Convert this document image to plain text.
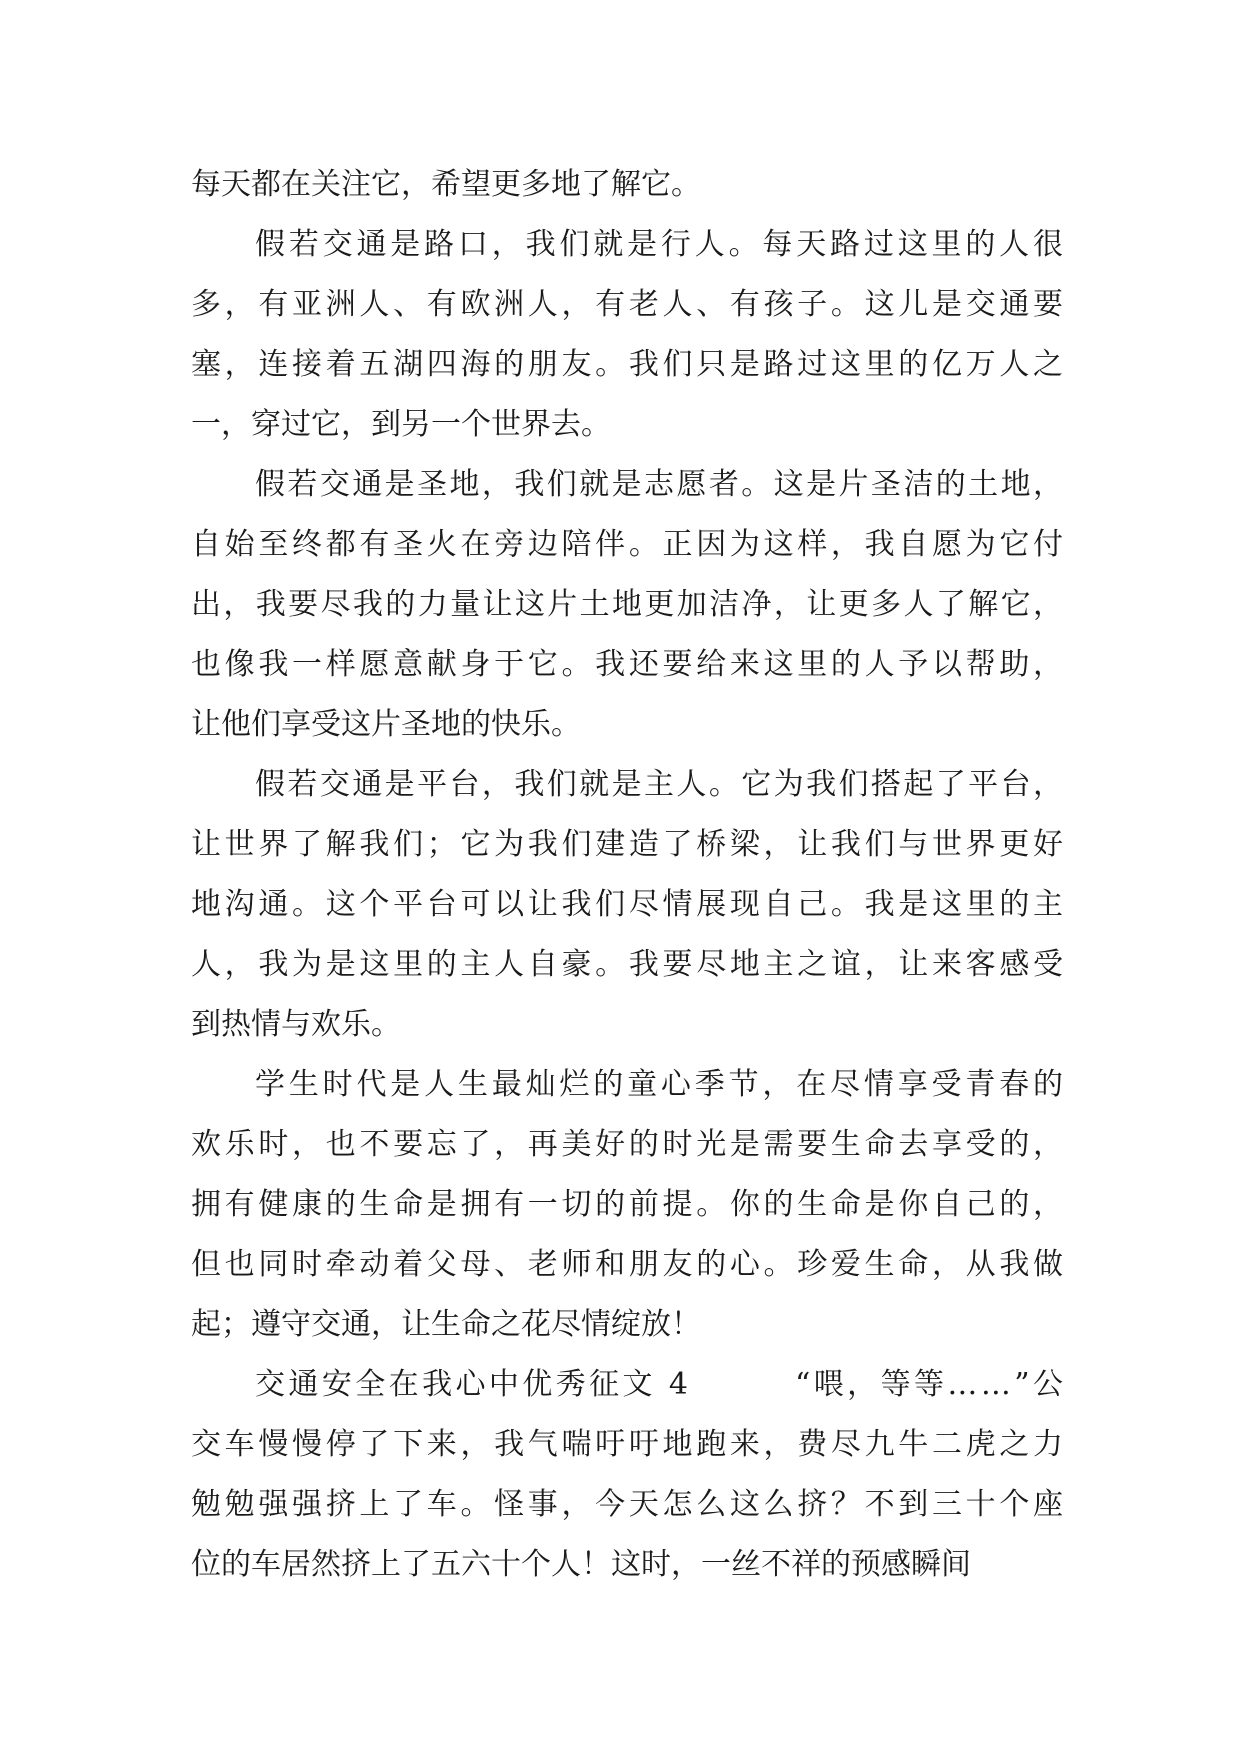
每天都在关注它，希望更多地了解它。
假若交通是路口，我们就是行人。每天路过这里的人很
多，有亚洲人、有欧洲人，有老人、有孩子。这儿是交通要
塞，连接着五湖四海的朋友。我们只是路过这里的亿万人之
一，穿过它，到另一个世界去。
假若交通是圣地，我们就是志愿者。这是片圣洁的土地，
自始至终都有圣火在旁边陪伴。正因为这样，我自愿为它付
出，我要尽我的力量让这片土地更加洁净，让更多人了解它，
也像我一样愿意献身于它。我还要给来这里的人予以帮助，
让他们享受这片圣地的快乐。
假若交通是平台，我们就是主人。它为我们搭起了平台，
让世界了解我们；它为我们建造了桥梁，让我们与世界更好
地沟通。这个平台可以让我们尽情展现自己。我是这里的主
人，我为是这里的主人自豪。我要尽地主之谊，让来客感受
到热情与欢乐。
学生时代是人生最灿烂的童心季节，在尽情享受青春的
欢乐时，也不要忘了，再美好的时光是需要生命去享受的，
拥有健康的生命是拥有一切的前提。你的生命是你自己的，
但也同时牵动着父母、老师和朋友的心。珍爱生命，从我做
起；遵守交通，让生命之花尽情绽放！
交通安全在我心中优秀征文 4        “喂，等等……”公
交车慢慢停了下来，我气喘吁吁地跑来，费尽九牛二虎之力
勉勉强强挤上了车。怪事，今天怎么这么挤？不到三十个座
位的车居然挤上了五六十个人！这时，一丝不祥的预感瞬间
